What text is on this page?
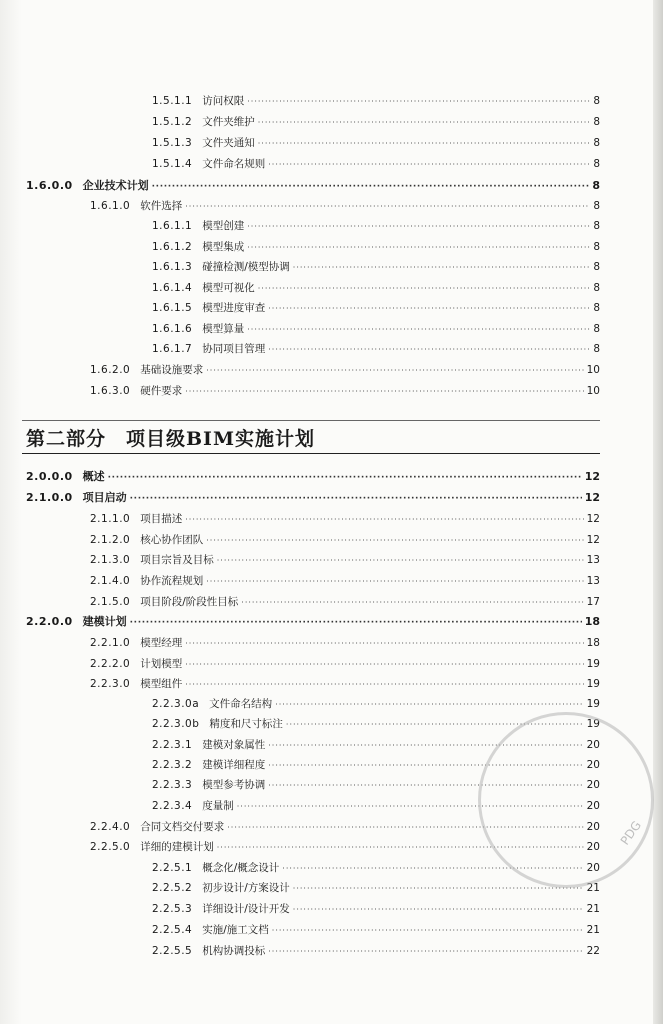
1.5.1.1 访问权限 ·····	8
1.5.1.2 文件夹维护 ·····	8
1.5.1.3 文件夹通知 ·····	8
1.5.1.4 文件命名规则 ·····	8
1.6.0.0 企业技术计划 ·····	8
1.6.1.0 软件选择 ·····	8
1.6.1.1 模型创建 ·····	8
1.6.1.2 模型集成 ·····	8
1.6.1.3 碰撞检测/模型协调 ·····	8
1.6.1.4 模型可视化 ·····	8
1.6.1.5 模型进度审查 ·····	8
1.6.1.6 模型算量 ·····	8
1.6.1.7 协同项目管理 ·····	8
1.6.2.0 基础设施要求 ·····	10
1.6.3.0 硬件要求 ·····	10
第二部分　项目级BIM实施计划
2.0.0.0 概述 ·····	12
2.1.0.0 项目启动 ·····	12
2.1.1.0 项目描述 ·····	12
2.1.2.0 核心协作团队 ·····	12
2.1.3.0 项目宗旨及目标 ·····	13
2.1.4.0 协作流程规划 ·····	13
2.1.5.0 项目阶段/阶段性目标 ·····	17
2.2.0.0 建模计划 ·····	18
2.2.1.0 模型经理 ·····	18
2.2.2.0 计划模型 ·····	19
2.2.3.0 模型组件 ·····	19
2.2.3.0a 文件命名结构 ·····	19
2.2.3.0b 精度和尺寸标注 ·····	19
2.2.3.1 建模对象属性 ·····	20
2.2.3.2 建模详细程度 ·····	20
2.2.3.3 模型参考协调 ·····	20
2.2.3.4 度量制 ·····	20
2.2.4.0 合同文档交付要求 ·····	20
2.2.5.0 详细的建模计划 ·····	20
2.2.5.1 概念化/概念设计 ·····	20
2.2.5.2 初步设计/方案设计 ·····	21
2.2.5.3 详细设计/设计开发 ·····	21
2.2.5.4 实施/施工文档 ·····	21
2.2.5.5 机构协调投标 ·····	22
PDG
